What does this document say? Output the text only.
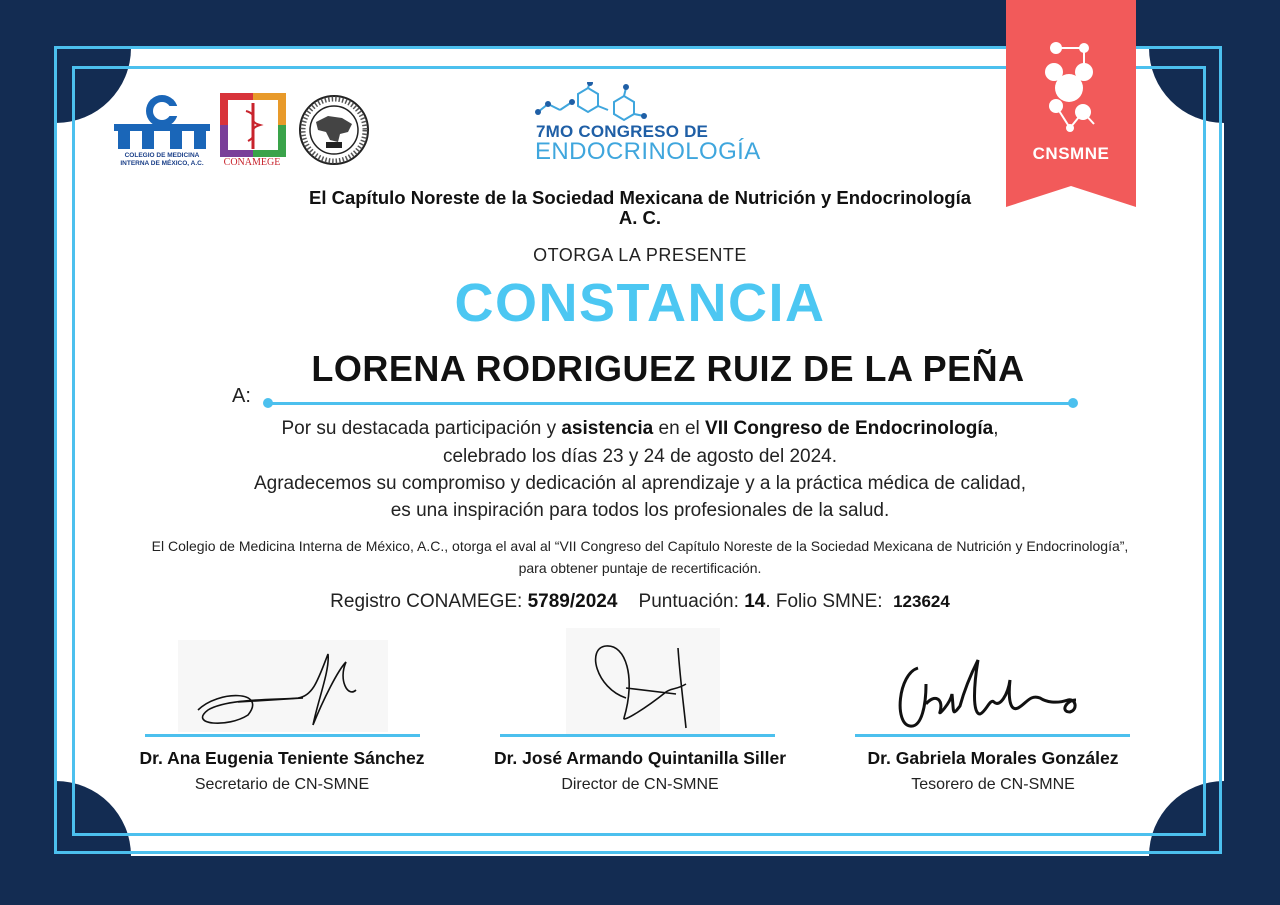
CNSMNE
COLEGIO DE MEDICINA INTERNA DE MÉXICO, A.C.	CONAMEGE
7MO CONGRESO DE
ENDOCRINOLOGÍA
El Capítulo Noreste de la Sociedad Mexicana de Nutrición y Endocrinología A. C.
OTORGA LA PRESENTE
CONSTANCIA
A:
LORENA RODRIGUEZ RUIZ DE LA PEÑA
Por su destacada participación y asistencia en el VII Congreso de Endocrinología,
celebrado los días 23 y 24 de agosto del 2024.
Agradecemos su compromiso y dedicación al aprendizaje y a la práctica médica de calidad,
es una inspiración para todos los profesionales de la salud.
El Colegio de Medicina Interna de México, A.C., otorga el aval al “VII Congreso del Capítulo Noreste de la Sociedad Mexicana de Nutrición y Endocrinología”, para obtener puntaje de recertificación.
Registro CONAMEGE: 5789/2024 Puntuación: 14. Folio SMNE:  123624
Dr. Ana Eugenia Teniente Sánchez	Dr. José Armando Quintanilla Siller	Dr. Gabriela Morales González
Secretario de CN-SMNE	Director de CN-SMNE	Tesorero de CN-SMNE
